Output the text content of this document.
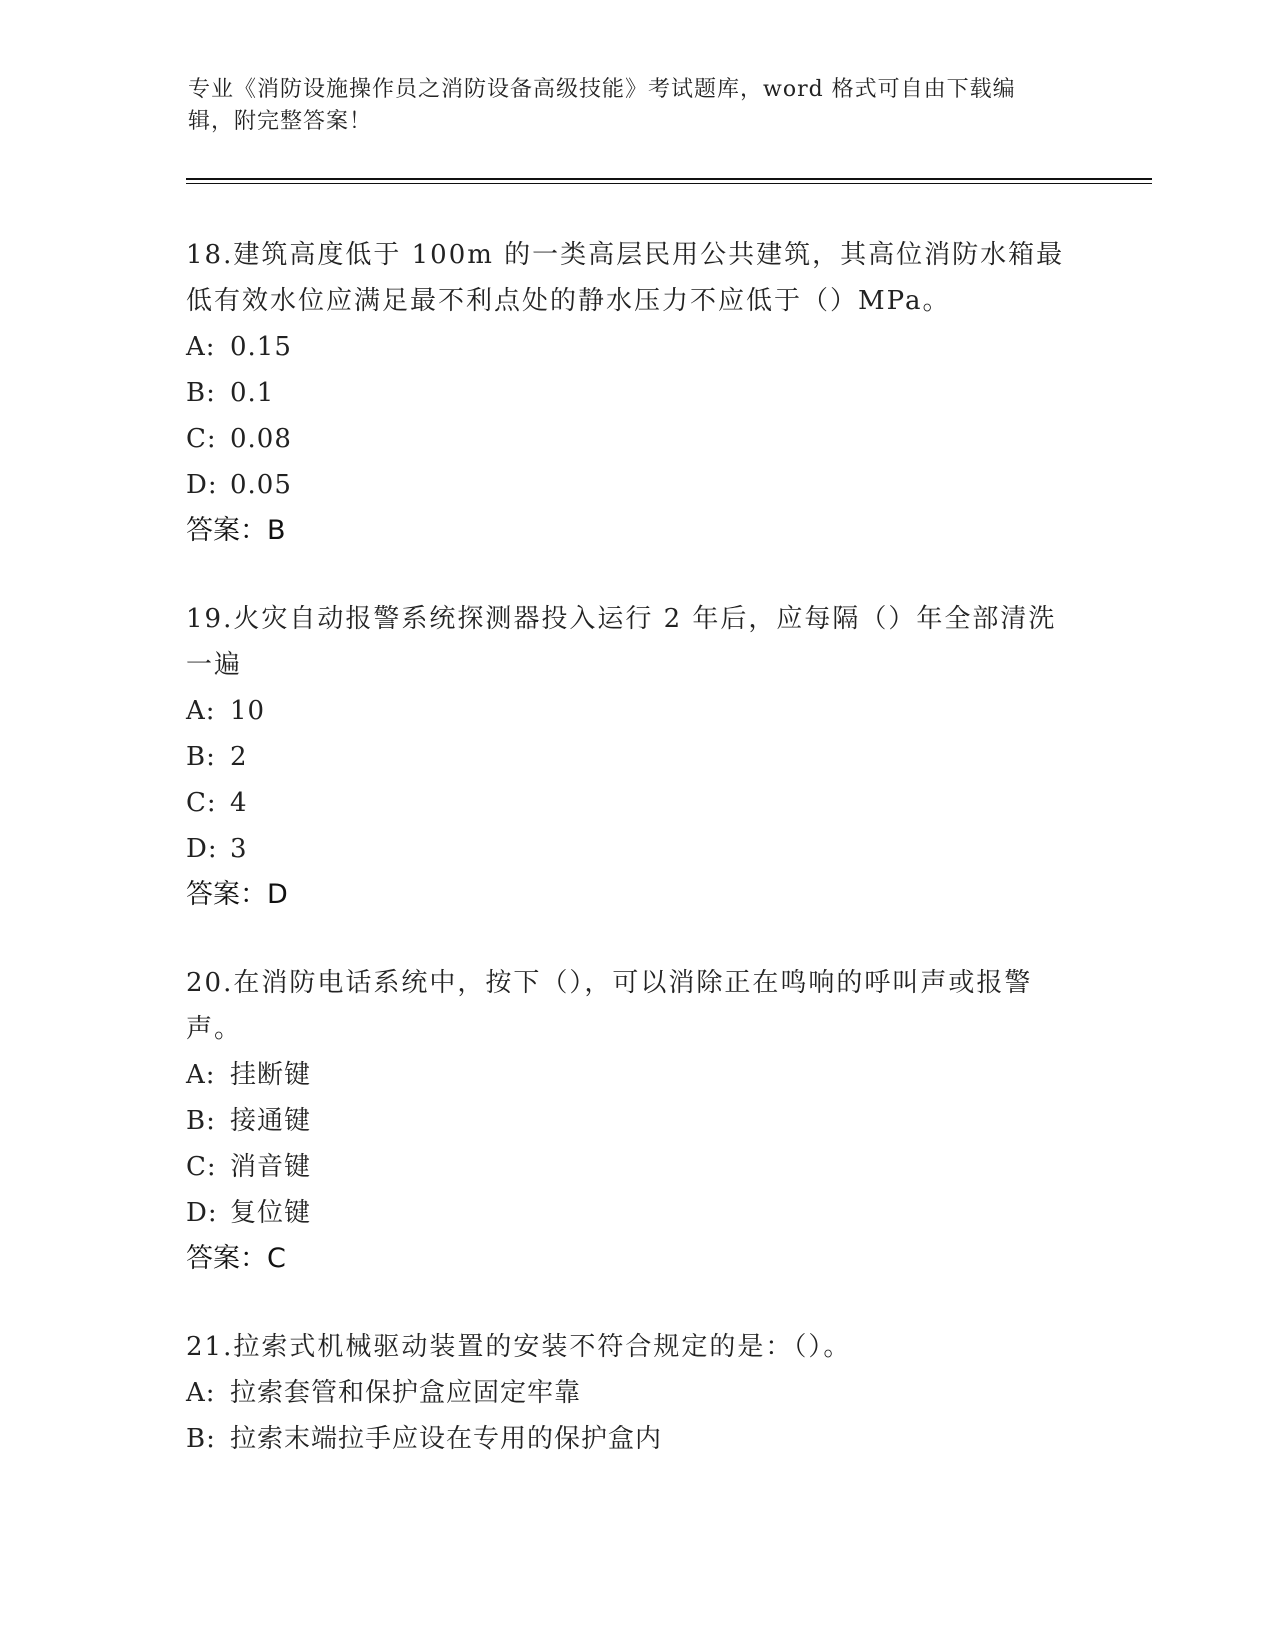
专业《消防设施操作员之消防设备高级技能》考试题库，word 格式可自由下载编
辑，附完整答案！

18.建筑高度低于 100m 的一类高层民用公共建筑，其高位消防水箱最

低有效水位应满足最不利点处的静水压力不应低于（）MPa。

A: 0.15

B: 0.1

C: 0.08

D: 0.05

答案：B

19.火灾自动报警系统探测器投入运行 2 年后，应每隔（）年全部清洗

一遍

A: 10

B: 2

C: 4

D: 3

答案：D

20.在消防电话系统中，按下（），可以消除正在鸣响的呼叫声或报警

声。

A: 挂断键

B: 接通键

C: 消音键

D: 复位键

答案：C

21.拉索式机械驱动装置的安装不符合规定的是：（）。

A: 拉索套管和保护盒应固定牢靠

B: 拉索末端拉手应设在专用的保护盒内
